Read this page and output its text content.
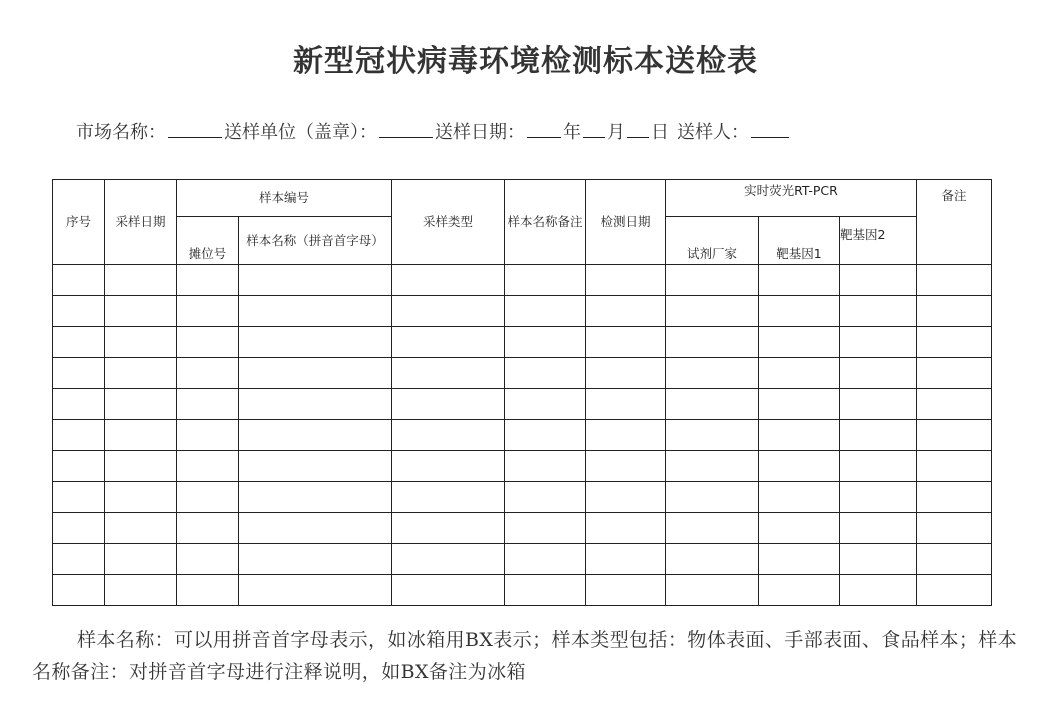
新型冠状病毒环境检测标本送检表
市场名称：	送样单位（盖章）：	送样日期： 年 月 日 送样人：
序号	采样日期	样本编号		采样类型	样本名称备注	检测日期	实时荧光RT-PCR			备注
		摊位号	样本名称（拼音首字母）				试剂厂家	靶基因1	靶基因2	

样本名称：可以用拼音首字母表示，如冰箱用BX表示；样本类型包括：物体表面、手部表面、食品样本；样本名称备注：对拼音首字母进行注释说明，如BX备注为冰箱
